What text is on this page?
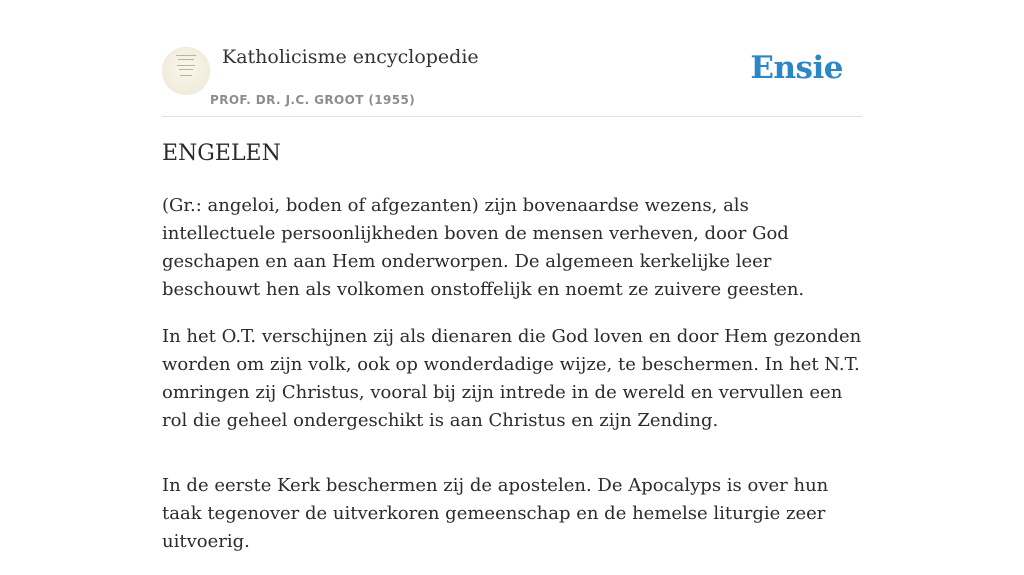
Katholicisme encyclopedie
PROF. DR. J.C. GROOT (1955)
Ensie
ENGELEN

(Gr.: angeloi, boden of afgezanten) zijn bovenaardse wezens, als intellectuele persoonlijkheden boven de mensen verheven, door God geschapen en aan Hem onderworpen. De algemeen kerkelijke leer beschouwt hen als volkomen onstoffelijk en noemt ze zuivere geesten.

In het O.T. verschijnen zij als dienaren die God loven en door Hem gezonden worden om zijn volk, ook op wonderdadige wijze, te beschermen. In het N.T. omringen zij Christus, vooral bij zijn intrede in de wereld en vervullen een rol die geheel ondergeschikt is aan Christus en zijn Zending.

In de eerste Kerk beschermen zij de apostelen. De Apocalyps is over hun taak tegenover de uitverkoren gemeenschap en de hemelse liturgie zeer uitvoerig.
